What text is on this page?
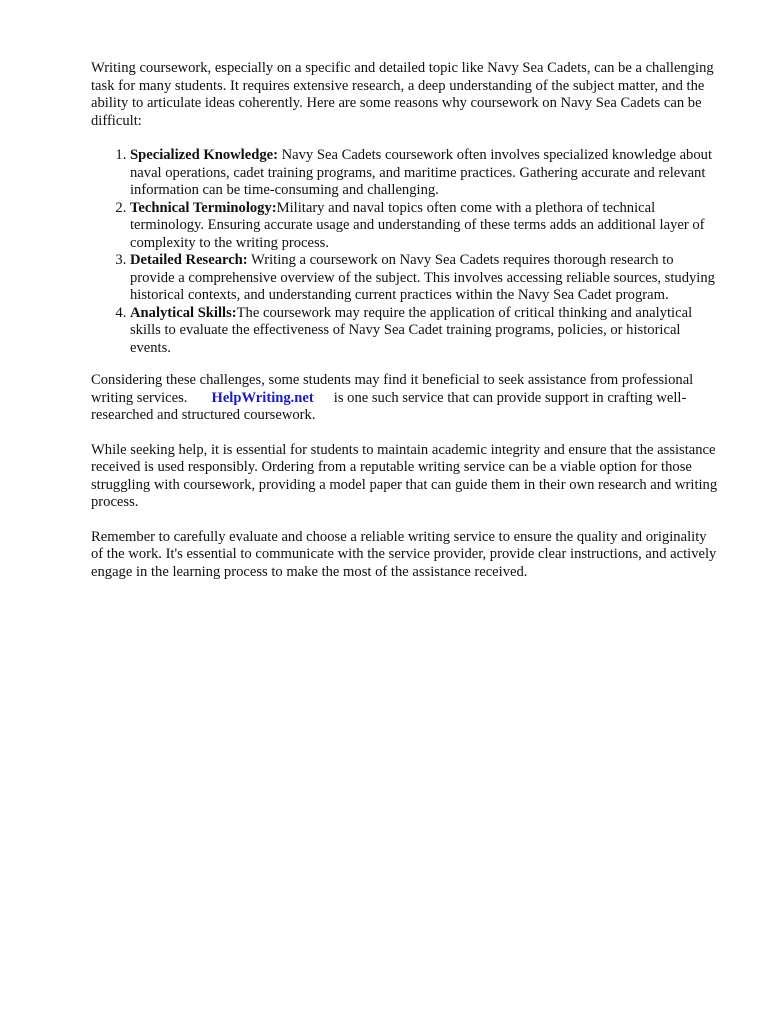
Writing coursework, especially on a specific and detailed topic like Navy Sea Cadets, can be a challenging task for many students. It requires extensive research, a deep understanding of the subject matter, and the ability to articulate ideas coherently. Here are some reasons why coursework on Navy Sea Cadets can be difficult:

1. Specialized Knowledge: Navy Sea Cadets coursework often involves specialized knowledge about naval operations, cadet training programs, and maritime practices. Gathering accurate and relevant information can be time-consuming and challenging.
2. Technical Terminology:Military and naval topics often come with a plethora of technical terminology. Ensuring accurate usage and understanding of these terms adds an additional layer of complexity to the writing process.
3. Detailed Research: Writing a coursework on Navy Sea Cadets requires thorough research to provide a comprehensive overview of the subject. This involves accessing reliable sources, studying historical contexts, and understanding current practices within the Navy Sea Cadet program.
4. Analytical Skills:The coursework may require the application of critical thinking and analytical skills to evaluate the effectiveness of Navy Sea Cadet training programs, policies, or historical events.

Considering these challenges, some students may find it beneficial to seek assistance from professional writing services. HelpWriting.net is one such service that can provide support in crafting well-researched and structured coursework.

While seeking help, it is essential for students to maintain academic integrity and ensure that the assistance received is used responsibly. Ordering from a reputable writing service can be a viable option for those struggling with coursework, providing a model paper that can guide them in their own research and writing process.

Remember to carefully evaluate and choose a reliable writing service to ensure the quality and originality of the work. It's essential to communicate with the service provider, provide clear instructions, and actively engage in the learning process to make the most of the assistance received.
